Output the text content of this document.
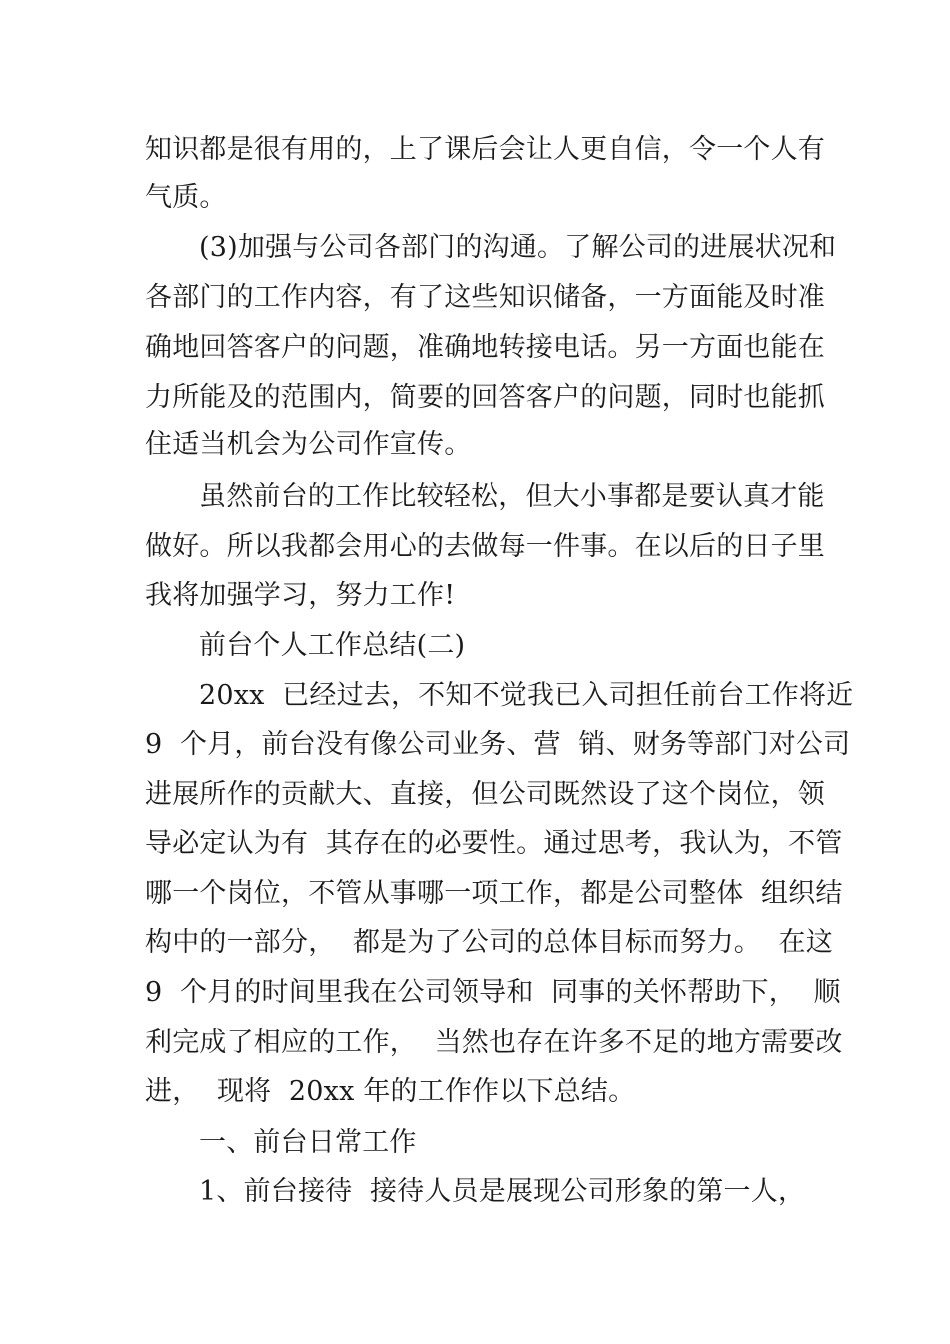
知识都是很有用的，上了课后会让人更自信，令一个人有
气质。
(3)加强与公司各部门的沟通。了解公司的进展状况和
各部门的工作内容，有了这些知识储备，一方面能及时准
确地回答客户的问题，准确地转接电话。另一方面也能在
力所能及的范围内，简要的回答客户的问题，同时也能抓
住适当机会为公司作宣传。
虽然前台的工作比较轻松，但大小事都是要认真才能
做好。所以我都会用心的去做每一件事。在以后的日子里
我将加强学习，努力工作!
前台个人工作总结(二)
20xx  已经过去，不知不觉我已入司担任前台工作将近
9  个月，前台没有像公司业务、营  销、财务等部门对公司
进展所作的贡献大、直接，但公司既然设了这个岗位，领
导必定认为有  其存在的必要性。通过思考，我认为，不管
哪一个岗位，不管从事哪一项工作，都是公司整体  组织结
构中的一部分，  都是为了公司的总体目标而努力。  在这
9  个月的时间里我在公司领导和  同事的关怀帮助下，  顺
利完成了相应的工作，  当然也存在许多不足的地方需要改
进，  现将  20xx 年的工作作以下总结。
一、前台日常工作
1、前台接待  接待人员是展现公司形象的第一人，
